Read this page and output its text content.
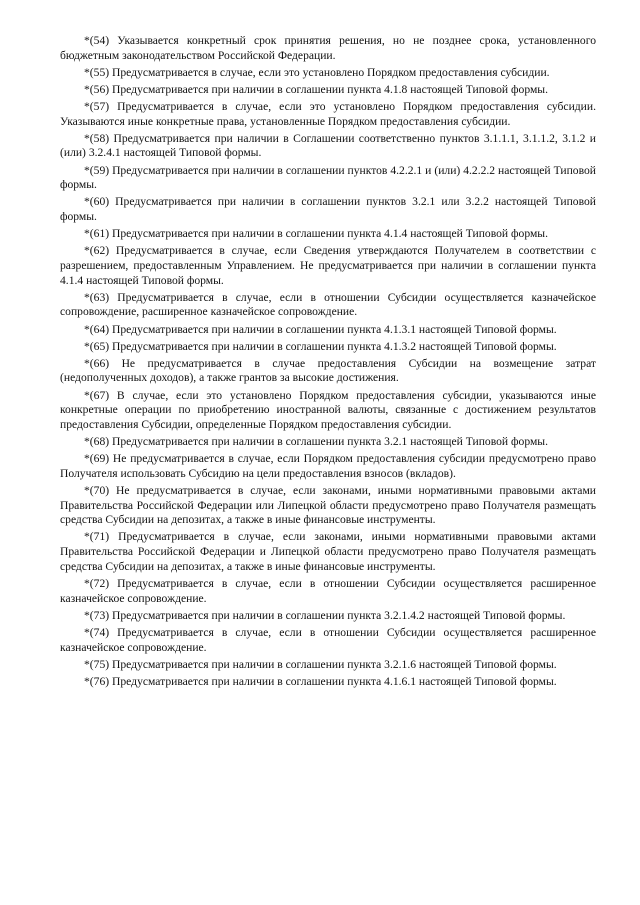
*(54) Указывается конкретный срок принятия решения, но не позднее срока, установленного бюджетным законодательством Российской Федерации.

*(55) Предусматривается в случае, если это установлено Порядком предоставления субсидии.

*(56) Предусматривается при наличии в соглашении пункта 4.1.8 настоящей Типовой формы.

*(57) Предусматривается в случае, если это установлено Порядком предоставления субсидии. Указываются иные конкретные права, установленные Порядком предоставления субсидии.

*(58) Предусматривается при наличии в Соглашении соответственно пунктов 3.1.1.1, 3.1.1.2, 3.1.2 и (или) 3.2.4.1 настоящей Типовой формы.

*(59) Предусматривается при наличии в соглашении пунктов 4.2.2.1 и (или) 4.2.2.2 настоящей Типовой формы.

*(60) Предусматривается при наличии в соглашении пунктов 3.2.1 или 3.2.2 настоящей Типовой формы.

*(61) Предусматривается при наличии в соглашении пункта 4.1.4 настоящей Типовой формы.

*(62) Предусматривается в случае, если Сведения утверждаются Получателем в соответствии с разрешением, предоставленным Управлением. Не предусматривается при наличии в соглашении пункта 4.1.4 настоящей Типовой формы.

*(63) Предусматривается в случае, если в отношении Субсидии осуществляется казначейское сопровождение, расширенное казначейское сопровождение.

*(64) Предусматривается при наличии в соглашении пункта 4.1.3.1 настоящей Типовой формы.

*(65) Предусматривается при наличии в соглашении пункта 4.1.3.2 настоящей Типовой формы.

*(66) Не предусматривается в случае предоставления Субсидии на возмещение затрат (недополученных доходов), а также грантов за высокие достижения.

*(67) В случае, если это установлено Порядком предоставления субсидии, указываются иные конкретные операции по приобретению иностранной валюты, связанные с достижением результатов предоставления Субсидии, определенные Порядком предоставления субсидии.

*(68) Предусматривается при наличии в соглашении пункта 3.2.1 настоящей Типовой формы.

*(69) Не предусматривается в случае, если Порядком предоставления субсидии предусмотрено право Получателя использовать Субсидию на цели предоставления взносов (вкладов).

*(70) Не предусматривается в случае, если законами, иными нормативными правовыми актами Правительства Российской Федерации или Липецкой области предусмотрено право Получателя размещать средства Субсидии на депозитах, а также в иные финансовые инструменты.

*(71) Предусматривается в случае, если законами, иными нормативными правовыми актами Правительства Российской Федерации и Липецкой области предусмотрено право Получателя размещать средства Субсидии на депозитах, а также в иные финансовые инструменты.

*(72) Предусматривается в случае, если в отношении Субсидии осуществляется расширенное казначейское сопровождение.

*(73) Предусматривается при наличии в соглашении пункта 3.2.1.4.2 настоящей Типовой формы.

*(74) Предусматривается в случае, если в отношении Субсидии осуществляется расширенное казначейское сопровождение.

*(75) Предусматривается при наличии в соглашении пункта 3.2.1.6 настоящей Типовой формы.

*(76) Предусматривается при наличии в соглашении пункта 4.1.6.1 настоящей Типовой формы.
